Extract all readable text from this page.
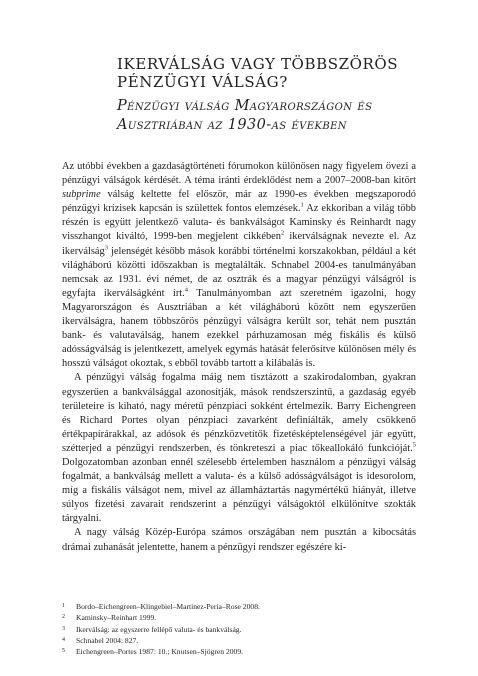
IKERVÁLSÁG VAGY TÖBBSZÖRÖS PÉNZÜGYI VÁLSÁG?
Pénzügyi válság Magyarországon és Ausztriában az 1930-as években

Az utóbbi években a gazdaságtörténeti fórumokon különösen nagy figyelem övezi a pénzügyi válságok kérdését. A téma iránti érdeklődést nem a 2007–2008-ban kitört subprime válság keltette fel először, már az 1990-es években megszaporodó pénzügyi krízisek kapcsán is születtek fontos elemzések.$^1$ Az ekkoriban a világ több részén is együtt jelentkező valuta- és bankválságot Kaminsky és Reinhardt nagy visszhangot kiváltó, 1999-ben megjelent cikkében$^2$ ikerválságnak nevezte el. Az ikerválság$^3$ jelenségét később mások korábbi történelmi korszakokban, például a két világháború közötti időszakban is megtalálták. Schnabel 2004-es tanulmányában nemcsak az 1931. évi német, de az osztrák és a magyar pénzügyi válságról is egyfajta ikerválságként írt.$^4$ Tanulmányomban azt szeretném igazolni, hogy Magyarországon és Ausztriában a két világháború között nem egyszerűen ikerválságra, hanem többszörös pénzügyi válságra került sor, tehát nem pusztán bank- és valutaválság, hanem ezekkel párhuzamosan még fiskális és külső adósságválság is jelentkezett, amelyek egymás hatását felerősítve különösen mély és hosszú válságot okoztak, s ebből tovább tartott a kilábalás is.

A pénzügyi válság fogalma máig nem tisztázott a szakirodalomban, gyakran egyszerűen a bankválsággal azonosítják, mások rendszerszintű, a gazdaság egyéb területeire is kiható, nagy méretű pénzpiaci sokként értelmezik. Barry Eichengreen és Richard Portes olyan pénzpiaci zavarként definiálták, amely csökkenő értékpapírárakkal, az adósok és pénzközvetítők fizetésképtelenségével jár együtt, szétterjed a pénzügyi rendszerben, és tönkreteszi a piac tőkeallokáló funkcióját.$^5$ Dolgozatomban azonban ennél szélesebb értelemben használom a pénzügyi válság fogalmát, a bankválság mellett a valuta- és a külső adósságválságot is idesorolom, míg a fiskális válságot nem, mivel az államháztartás nagymértékű hiányát, illetve súlyos fizetési zavarait rendszerint a pénzügyi válságoktól elkülönítve szokták tárgyalni.

A nagy válság Közép-Európa számos országában nem pusztán a kibocsátás drámai zuhanását jelentette, hanem a pénzügyi rendszer egészére ki-

1	Bordo–Eichengreen–Klingebiel–Martinez-Peria–Rose 2008.
2	Kaminsky–Reinhart 1999.
3	Ikerválság: az egyszerre fellépő valuta- és bankválság.
4	Schnabel 2004: 827.
5	Eichengreen–Portes 1987: 10.; Knutsen–Sjögren 2009.
